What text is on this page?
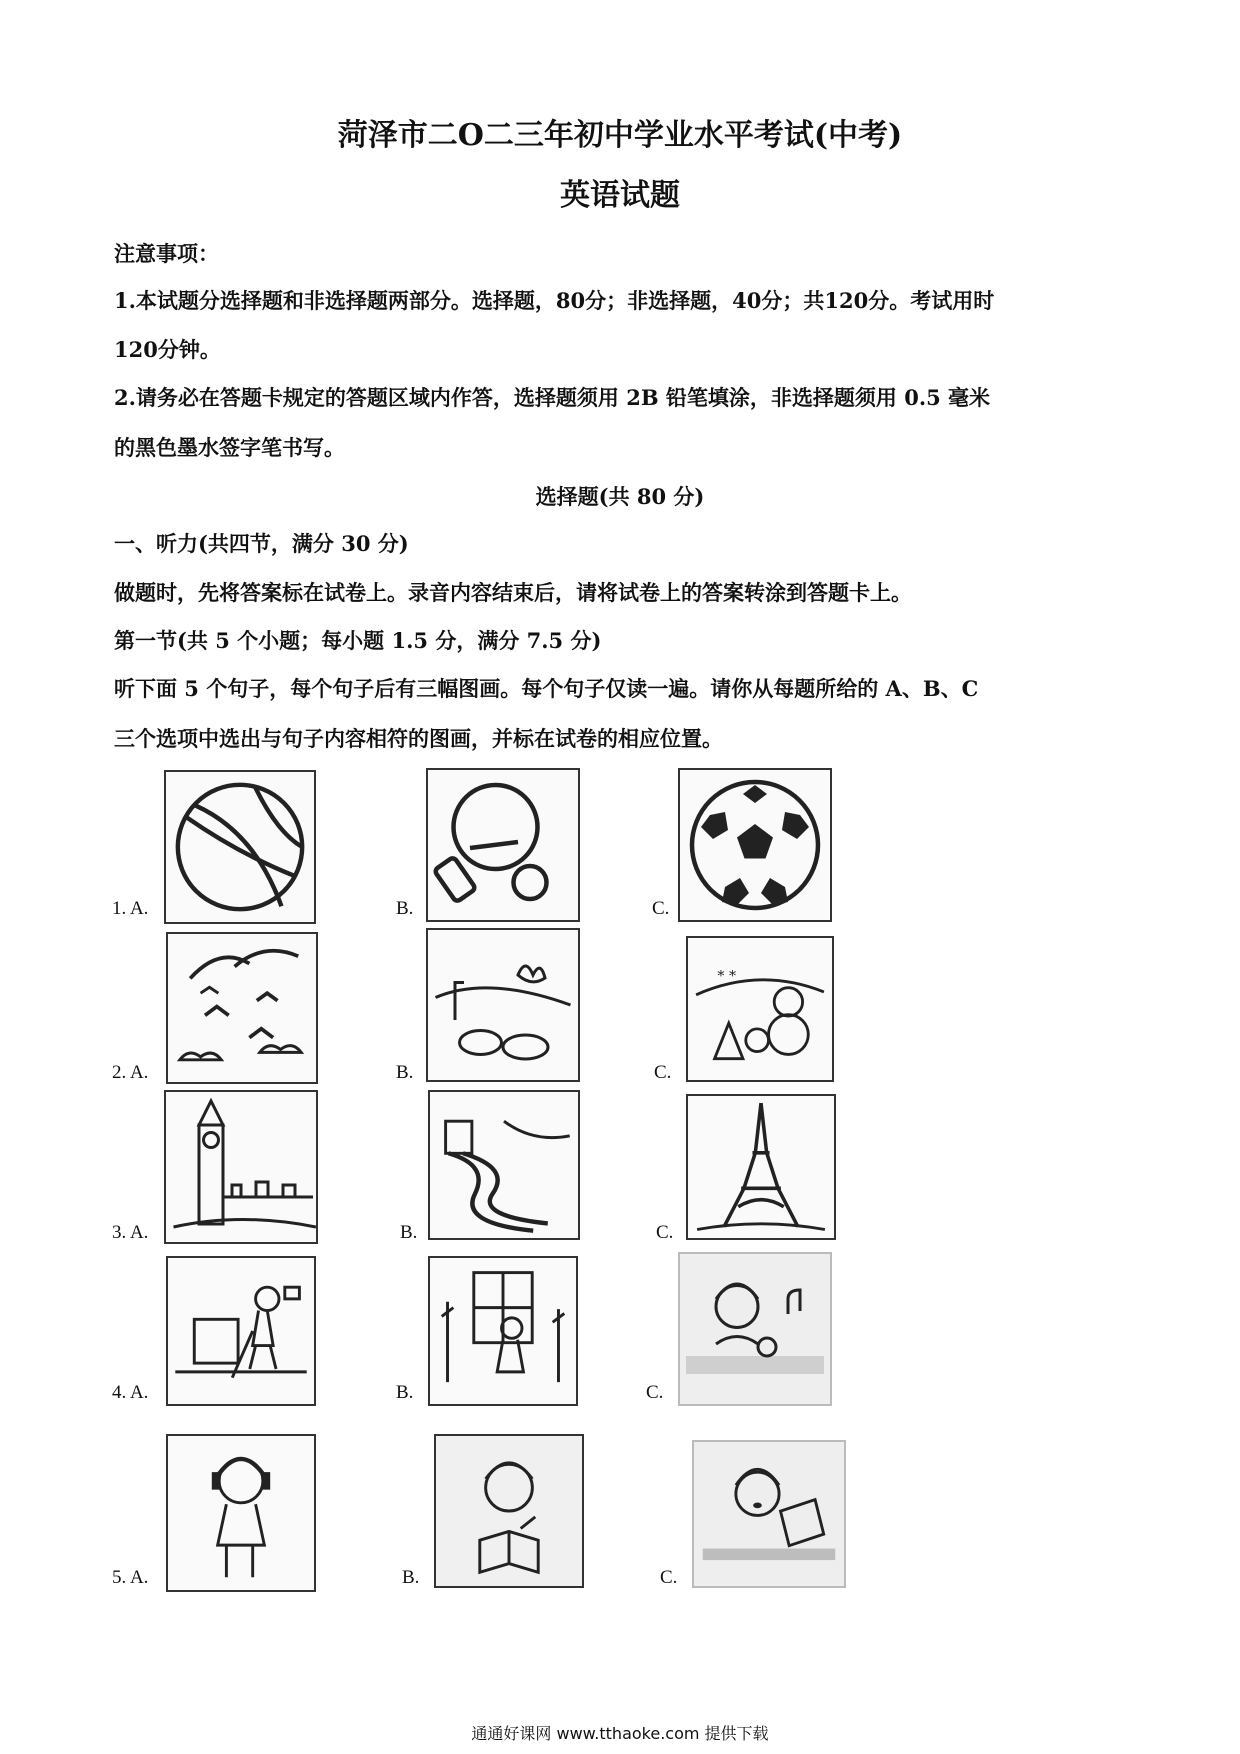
菏泽市二O二三年初中学业水平考试(中考)
英语试题

注意事项：

1.本试题分选择题和非选择题两部分。选择题，80分；非选择题，40分；共120分。考试用时

120分钟。

2.请务必在答题卡规定的答题区域内作答，选择题须用 2B 铅笔填涂，非选择题须用 0.5 毫米

的黑色墨水签字笔书写。

选择题(共 80 分)

一、听力(共四节，满分 30 分)

做题时，先将答案标在试卷上。录音内容结束后，请将试卷上的答案转涂到答题卡上。

第一节(共 5 个小题；每小题 1.5 分，满分 7.5 分)

听下面 5 个句子，每个句子后有三幅图画。每个句子仅读一遍。请你从每题所给的 A、B、C

三个选项中选出与句子内容相符的图画，并标在试卷的相应位置。

1. A.	B.	C.
2. A.	B.	C.
* *
3. A.	B.	C.
4. A.	B.	C.
5. A.	B.	C.

通通好课网 www.tthaoke.com 提供下载
